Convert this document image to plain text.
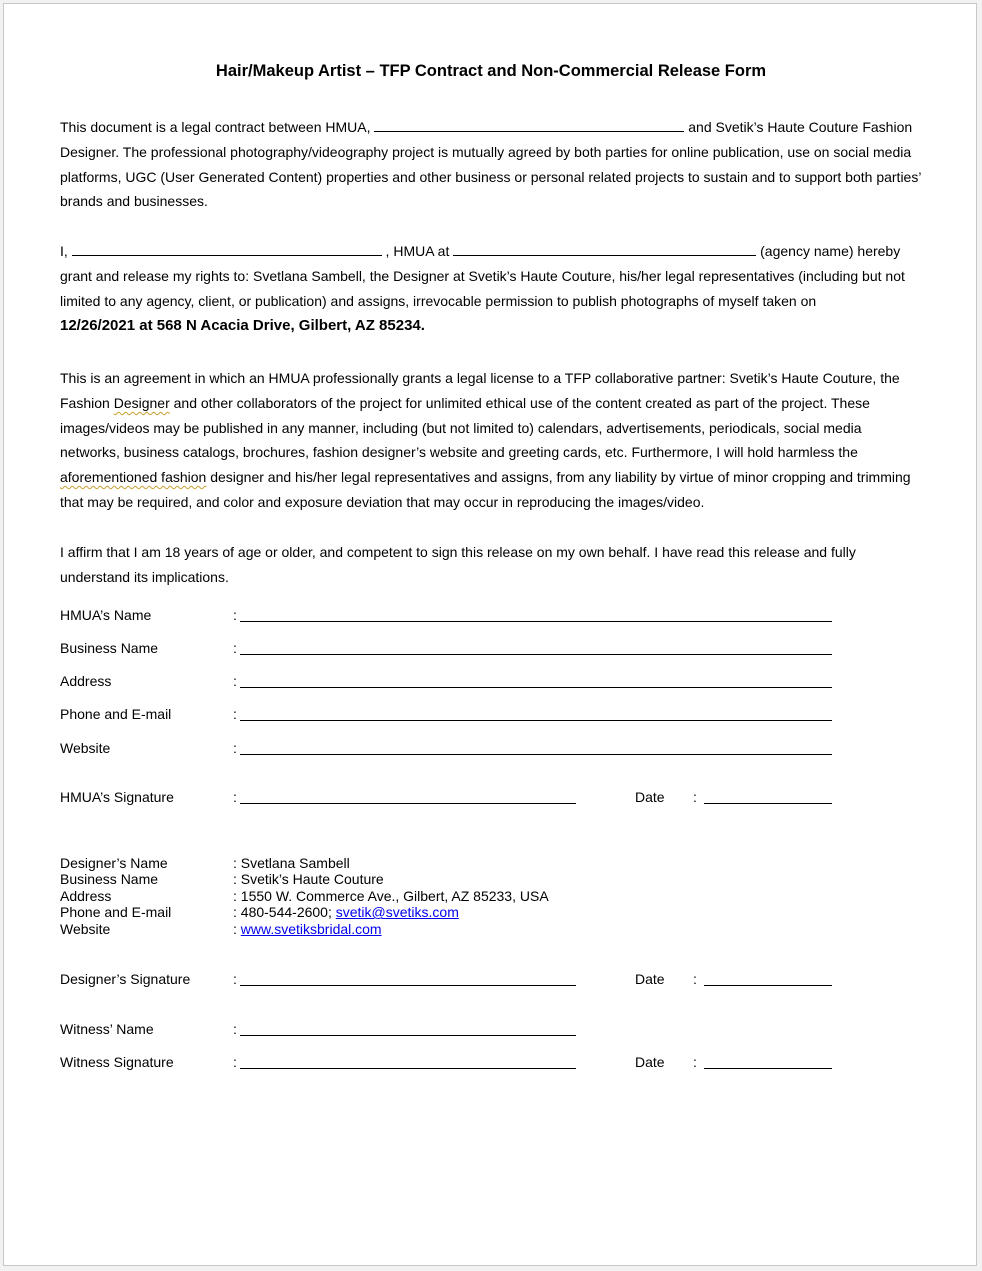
Hair/Makeup Artist – TFP Contract and Non-Commercial Release Form

This document is a legal contract between HMUA,	and Svetik’s Haute Couture Fashion Designer. The professional photography/videography project is mutually agreed by both parties for online publication, use on social media platforms, UGC (User Generated Content) properties and other business or personal related projects to sustain and to support both parties’ brands and businesses.

I,	, HMUA at	(agency name) hereby grant and release my rights to: Svetlana Sambell, the Designer at Svetik’s Haute Couture, his/her legal representatives (including but not limited to any agency, client, or publication) and assigns, irrevocable permission to publish photographs of myself taken on
12/26/2021 at 568 N Acacia Drive, Gilbert, AZ 85234.

This is an agreement in which an HMUA professionally grants a legal license to a TFP collaborative partner: Svetik’s Haute Couture, the Fashion Designer and other collaborators of the project for unlimited ethical use of the content created as part of the project. These images/videos may be published in any manner, including (but not limited to) calendars, advertisements, periodicals, social media networks, business catalogs, brochures, fashion designer’s website and greeting cards, etc. Furthermore, I will hold harmless the aforementioned fashion designer and his/her legal representatives and assigns, from any liability by virtue of minor cropping and trimming that may be required, and color and exposure deviation that may occur in reproducing the images/video.

I affirm that I am 18 years of age or older, and competent to sign this release on my own behalf. I have read this release and fully understand its implications.

HMUA’s Name	:
Business Name	:
Address	:
Phone and E-mail	:
Website	:
HMUA’s Signature	:	Date :
Designer’s Name	: Svetlana Sambell
Business Name	: Svetik’s Haute Couture
Address	: 1550 W. Commerce Ave., Gilbert, AZ 85233, USA
Phone and E-mail	: 480-544-2600; svetik@svetiks.com
Website	: www.svetiksbridal.com
Designer’s Signature	:	Date :
Witness’ Name	:
Witness Signature	:	Date :
